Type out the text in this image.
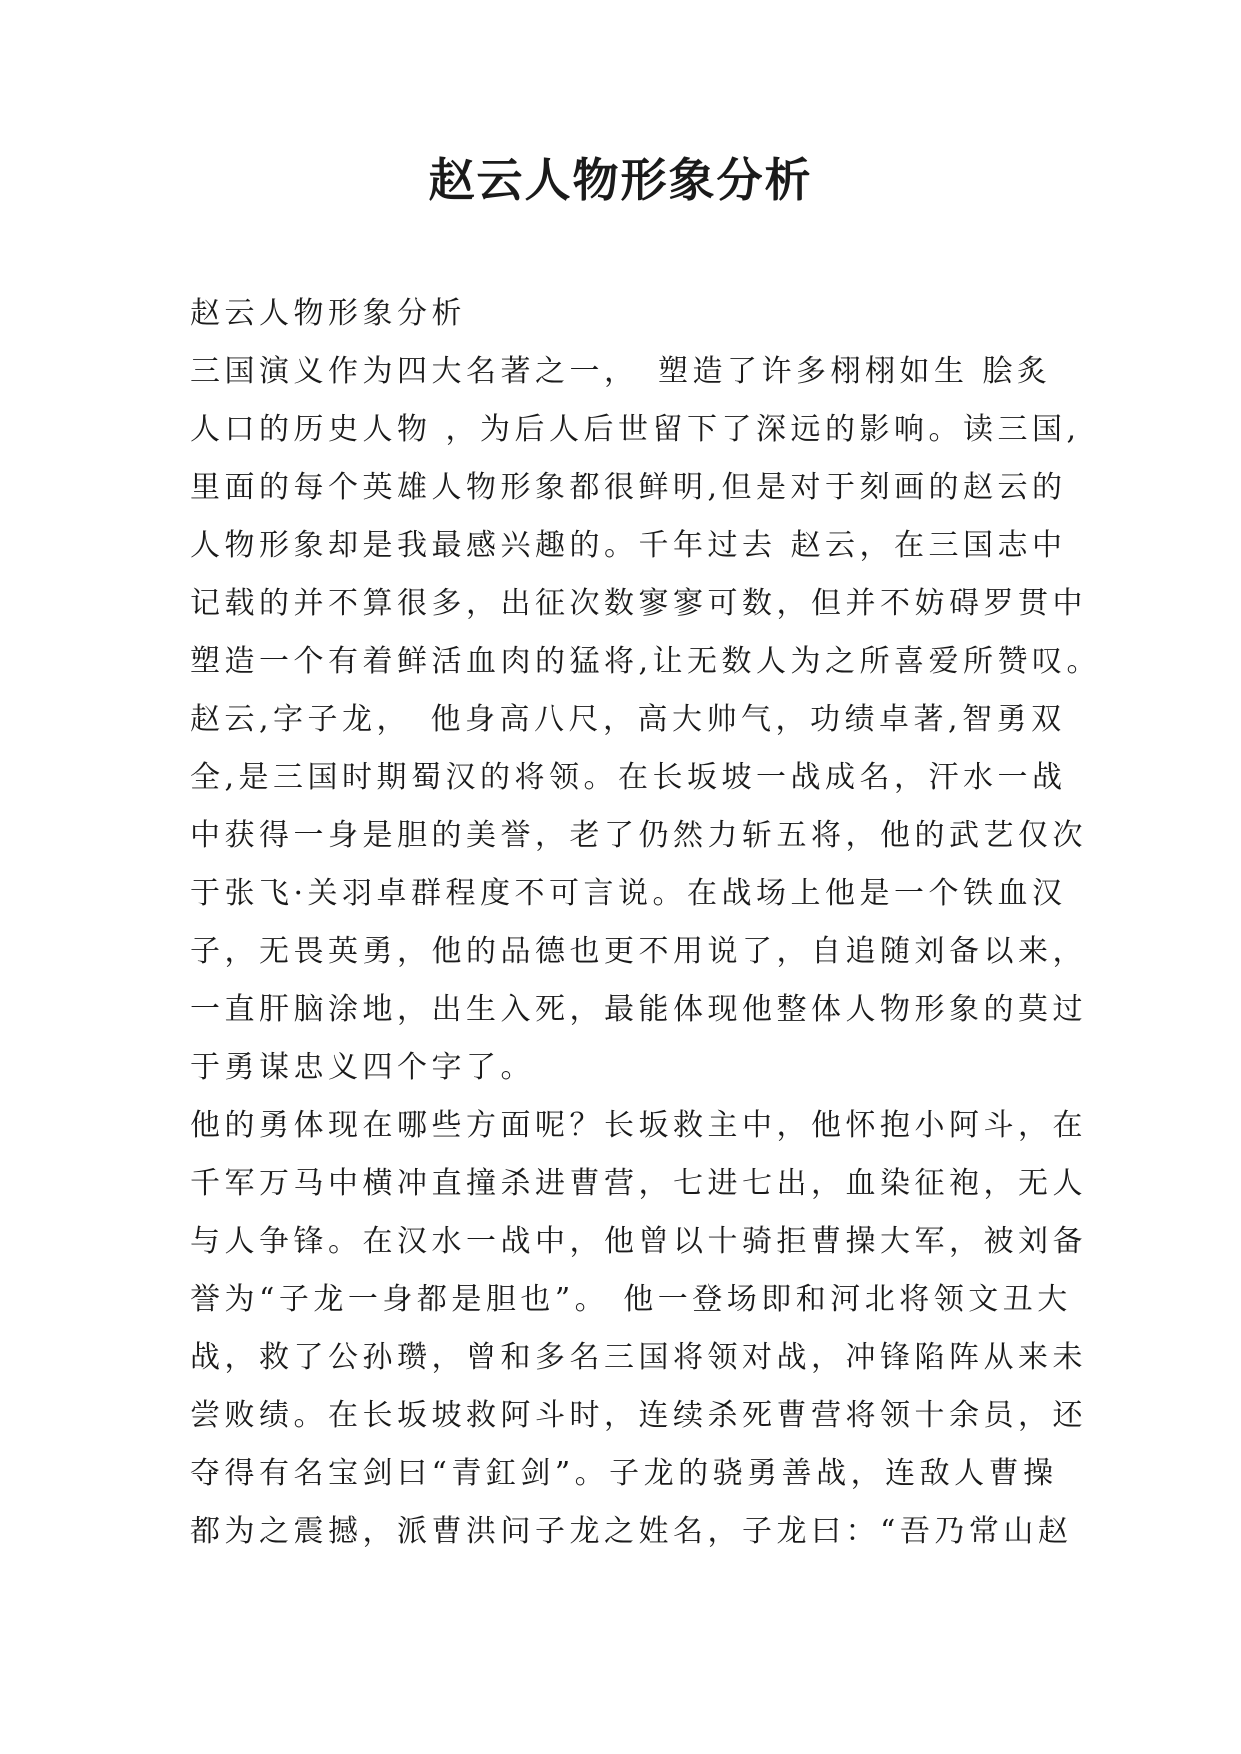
赵云人物形象分析
赵云人物形象分析
三国演义作为四大名著之一，　塑造了许多栩栩如生 脍炙
人口的历史人物 ，为后人后世留下了深远的影响。读三国,
里面的每个英雄人物形象都很鲜明,但是对于刻画的赵云的
人物形象却是我最感兴趣的。千年过去 赵云，在三国志中
记载的并不算很多，出征次数寥寥可数，但并不妨碍罗贯中
塑造一个有着鲜活血肉的猛将,让无数人为之所喜爱所赞叹。
赵云,字子龙，　他身高八尺，高大帅气，功绩卓著,智勇双
全,是三国时期蜀汉的将领。在长坂坡一战成名，汗水一战
中获得一身是胆的美誉，老了仍然力斩五将，他的武艺仅次
于张飞·关羽卓群程度不可言说。在战场上他是一个铁血汉
子，无畏英勇，他的品德也更不用说了，自追随刘备以来，
一直肝脑涂地，出生入死，最能体现他整体人物形象的莫过
于勇谋忠义四个字了。
他的勇体现在哪些方面呢？长坂救主中，他怀抱小阿斗，在
千军万马中横冲直撞杀进曹营，七进七出，血染征袍，无人
与人争锋。在汉水一战中，他曾以十骑拒曹操大军，被刘备
誉为“子龙一身都是胆也”。 他一登场即和河北将领文丑大
战，救了公孙瓒，曾和多名三国将领对战，冲锋陷阵从来未
尝败绩。在长坂坡救阿斗时，连续杀死曹营将领十余员，还
夺得有名宝剑曰“青釭剑”。子龙的骁勇善战，连敌人曹操
都为之震撼，派曹洪问子龙之姓名，子龙曰：“吾乃常山赵
